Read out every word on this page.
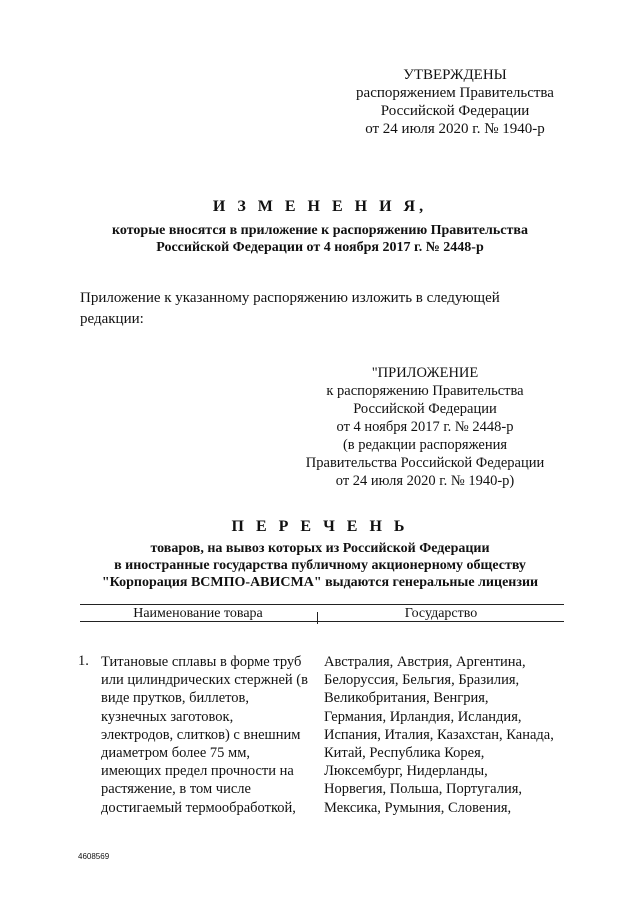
УТВЕРЖДЕНЫ
распоряжением Правительства
Российской Федерации
от 24 июля 2020 г. № 1940-р
И З М Е Н Е Н И Я,
которые вносятся в приложение к распоряжению Правительства
Российской Федерации от 4 ноября 2017 г. № 2448-р
Приложение к указанному распоряжению изложить в следующей
редакции:
"ПРИЛОЖЕНИЕ
к распоряжению Правительства
Российской Федерации
от 4 ноября 2017 г. № 2448-р
(в редакции распоряжения
Правительства Российской Федерации
от 24 июля 2020 г. № 1940-р)
П Е Р Е Ч Е Н Ь
товаров, на вывоз которых из Российской Федерации
в иностранные государства публичному акционерному обществу
"Корпорация ВСМПО-АВИСМА" выдаются генеральные лицензии
Наименование товара	Государство
1. Титановые сплавы в форме труб
или цилиндрических стержней (в
виде прутков, биллетов,
кузнечных заготовок,
электродов, слитков) с внешним
диаметром более 75 мм,
имеющих предел прочности на
растяжение, в том числе
достигаемый термообработкой,
Австралия, Австрия, Аргентина,
Белоруссия, Бельгия, Бразилия,
Великобритания, Венгрия,
Германия, Ирландия, Исландия,
Испания, Италия, Казахстан, Канада,
Китай, Республика Корея,
Люксембург, Нидерланды,
Норвегия, Польша, Португалия,
Мексика, Румыния, Словения,
4608569
